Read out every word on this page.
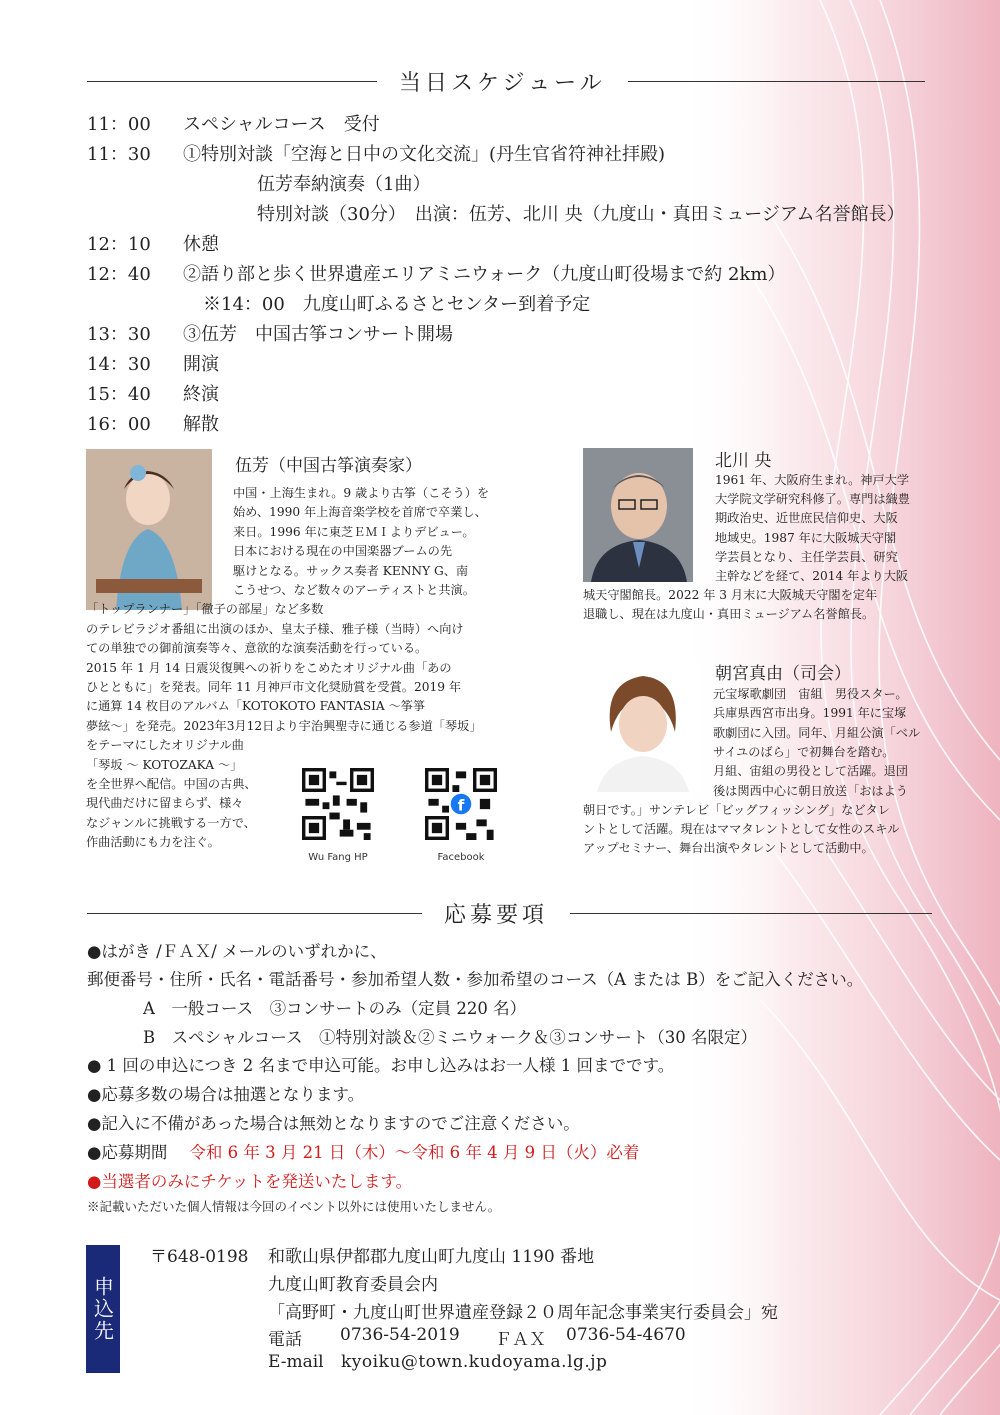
当日スケジュール
11：00 スペシャルコース　受付
11：30 ①特別対談「空海と日中の文化交流」(丹生官省符神社拝殿)
伍芳奉納演奏（1曲）
特別対談（30分）　出演：伍芳、北川 央（九度山・真田ミュージアム名誉館長）
12：10 休憩
12：40 ②語り部と歩く世界遺産エリアミニウォーク（九度山町役場まで約 2km）
※14：00　九度山町ふるさとセンター到着予定
13：30 ③伍芳　中国古筝コンサート開場
14：30 開演
15：40 終演
16：00 解散
伍芳（中国古筝演奏家）
中国・上海生まれ。9 歳より古筝（こそう）を
始め、1990 年上海音楽学校を首席で卒業し、
来日。1996 年に東芝ＥＭＩよりデビュー。
日本における現在の中国楽器ブームの先
駆けとなる。サックス奏者 KENNY G、南
こうせつ、など数々のアーティストと共演。
「トップランナー」「徹子の部屋」など多数
のテレビラジオ番組に出演のほか、皇太子様、雅子様（当時）へ向け
ての単独での御前演奏等々、意欲的な演奏活動を行っている。
2015 年 1 月 14 日震災復興への祈りをこめたオリジナル曲「あの
ひとともに」を発表。同年 11 月神戸市文化奨励賞を受賞。2019 年
に通算 14 枚目のアルバム「KOTOKOTO FANTASIA ～筝箏
夢絃～」を発売。2023年3月12日より宇治興聖寺に通じる参道「琴坂」
をテーマにしたオリジナル曲
「琴坂 ～ KOTOZAKA ～」
を全世界へ配信。中国の古典、
現代曲だけに留まらず、様々
なジャンルに挑戦する一方で、
作曲活動にも力を注ぐ。
Wu Fang HP
f
Facebook
北川 央
1961 年、大阪府生まれ。神戸大学
大学院文学研究科修了。専門は織豊
期政治史、近世庶民信仰史、大阪
地域史。1987 年に大阪城天守閣
学芸員となり、主任学芸員、研究
主幹などを経て、2014 年より大阪
城天守閣館長。2022 年 3 月末に大阪城天守閣を定年
退職し、現在は九度山・真田ミュージアム名誉館長。
朝宮真由（司会）
元宝塚歌劇団　宙組　男役スター。
兵庫県西宮市出身。1991 年に宝塚
歌劇団に入団。同年、月組公演「ベル
サイユのばら」で初舞台を踏む。
月組、宙組の男役として活躍。退団
後は関西中心に朝日放送「おはよう
朝日です。」サンテレビ「ビッグフィッシング」などタレ
ントとして活躍。現在はママタレントとして女性のスキル
アップセミナー、舞台出演やタレントとして活動中。
応募要項
●はがき /ＦＡＸ/ メールのいずれかに、
郵便番号・住所・氏名・電話番号・参加希望人数・参加希望のコース（A または B）をご記入ください。
A　一般コース　③コンサートのみ（定員 220 名）
B　スペシャルコース　①特別対談＆②ミニウォーク＆③コンサート（30 名限定）
● 1 回の申込につき 2 名まで申込可能。お申し込みはお一人様 1 回までです。
●応募多数の場合は抽選となります。
●記入に不備があった場合は無効となりますのでご注意ください。
●応募期間 令和 6 年 3 月 21 日（木）～令和 6 年 4 月 9 日（火）必着
●当選者のみにチケットを発送いたします。
※記載いただいた個人情報は今回のイベント以外には使用いたしません。
申込先
〒648-0198 和歌山県伊都郡九度山町九度山 1190 番地
九度山町教育委員会内
「高野町・九度山町世界遺産登録２０周年記念事業実行委員会」宛
電話 0736-54-2019 ＦＡＸ 0736-54-4670
E-mail kyoiku@town.kudoyama.lg.jp
